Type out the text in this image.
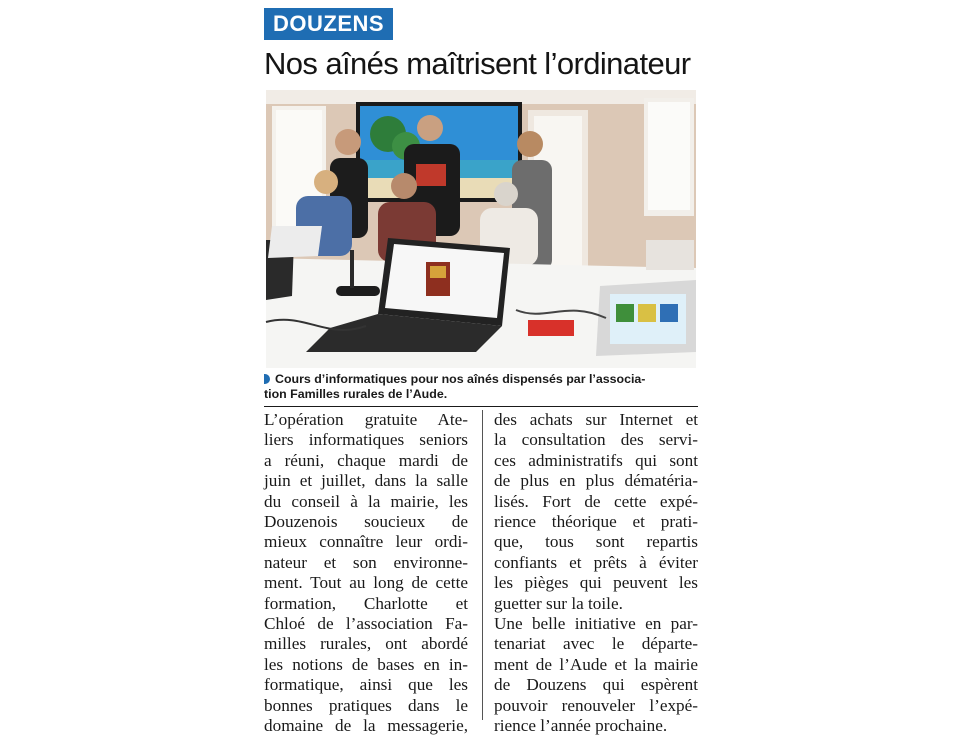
DOUZENS
Nos aînés maîtrisent l’ordinateur
Cours d’informatiques pour nos aînés dispensés par l’associa-
tion Familles rurales de l’Aude.
L’opération gratuite Ate-
liers informatiques seniors
a réuni, chaque mardi de
juin et juillet, dans la salle
du conseil à la mairie, les
Douzenois soucieux de
mieux connaître leur ordi-
nateur et son environne-
ment. Tout au long de cette
formation, Charlotte et
Chloé de l’association Fa-
milles rurales, ont abordé
les notions de bases en in-
formatique, ainsi que les
bonnes pratiques dans le
domaine de la messagerie,
des achats sur Internet et
la consultation des servi-
ces administratifs qui sont
de plus en plus dématéria-
lisés. Fort de cette expé-
rience théorique et prati-
que, tous sont repartis
confiants et prêts à éviter
les pièges qui peuvent les
guetter sur la toile.
Une belle initiative en par-
tenariat avec le départe-
ment de l’Aude et la mairie
de Douzens qui espèrent
pouvoir renouveler l’expé-
rience l’année prochaine.
